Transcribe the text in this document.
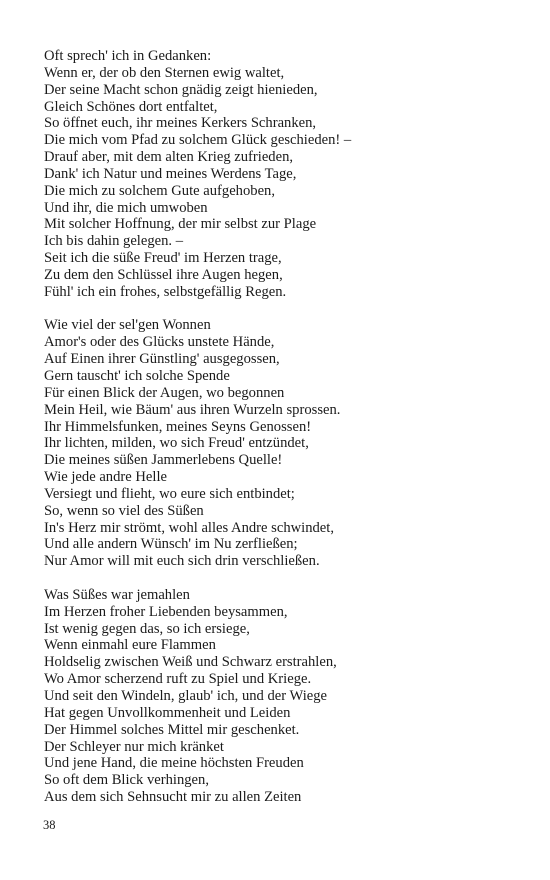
Oft sprech' ich in Gedanken:
Wenn er, der ob den Sternen ewig waltet,
Der seine Macht schon gnädig zeigt hienieden,
Gleich Schönes dort entfaltet,
So öffnet euch, ihr meines Kerkers Schranken,
Die mich vom Pfad zu solchem Glück geschieden! –
Drauf aber, mit dem alten Krieg zufrieden,
Dank' ich Natur und meines Werdens Tage,
Die mich zu solchem Gute aufgehoben,
Und ihr, die mich umwoben
Mit solcher Hoffnung, der mir selbst zur Plage
Ich bis dahin gelegen. –
Seit ich die süße Freud' im Herzen trage,
Zu dem den Schlüssel ihre Augen hegen,
Fühl' ich ein frohes, selbstgefällig Regen.
Wie viel der sel'gen Wonnen
Amor's oder des Glücks unstete Hände,
Auf Einen ihrer Günstling' ausgegossen,
Gern tauscht' ich solche Spende
Für einen Blick der Augen, wo begonnen
Mein Heil, wie Bäum' aus ihren Wurzeln sprossen.
Ihr Himmelsfunken, meines Seyns Genossen!
Ihr lichten, milden, wo sich Freud' entzündet,
Die meines süßen Jammerlebens Quelle!
Wie jede andre Helle
Versiegt und flieht, wo eure sich entbindet;
So, wenn so viel des Süßen
In's Herz mir strömt, wohl alles Andre schwindet,
Und alle andern Wünsch' im Nu zerfließen;
Nur Amor will mit euch sich drin verschließen.
Was Süßes war jemahlen
Im Herzen froher Liebenden beysammen,
Ist wenig gegen das, so ich ersiege,
Wenn einmahl eure Flammen
Holdselig zwischen Weiß und Schwarz erstrahlen,
Wo Amor scherzend ruft zu Spiel und Kriege.
Und seit den Windeln, glaub' ich, und der Wiege
Hat gegen Unvollkommenheit und Leiden
Der Himmel solches Mittel mir geschenket.
Der Schleyer nur mich kränket
Und jene Hand, die meine höchsten Freuden
So oft dem Blick verhingen,
Aus dem sich Sehnsucht mir zu allen Zeiten
38
